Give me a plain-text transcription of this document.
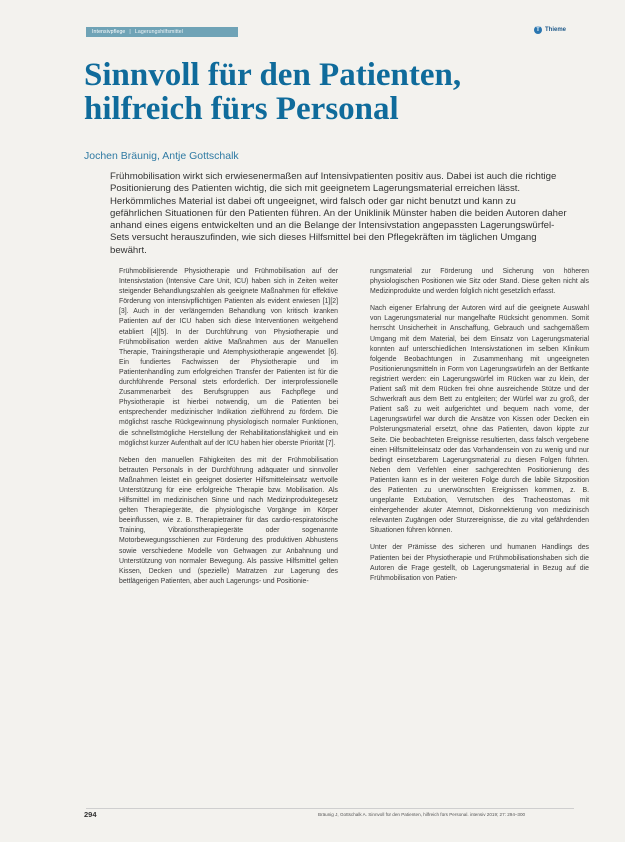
Intensivpflege | Lagerungshilfsmittel	T Thieme
Sinnvoll für den Patienten,
hilfreich fürs Personal
Jochen Bräunig, Antje Gottschalk
Frühmobilisation wirkt sich erwiesenermaßen auf Intensivpatienten positiv aus. Dabei ist auch die richtige Positionierung des Patienten wichtig, die sich mit geeignetem Lagerungsmaterial erreichen lässt. Herkömmliches Material ist dabei oft ungeeignet, wird falsch oder gar nicht benutzt und kann zu gefährlichen Situationen für den Patienten führen. An der Uniklinik Münster haben die beiden Autoren daher anhand eines eigens entwickelten und an die Belange der Intensivstation angepassten Lagerungswürfel-Sets versucht herauszufinden, wie sich dieses Hilfsmittel bei den Pflegekräften im täglichen Umgang bewährt.

Frühmobilisierende Physiotherapie und Frühmobilisation auf der Intensivstation (Intensive Care Unit, ICU) haben sich in Zeiten weiter steigender Behandlungszahlen als geeignete Maßnahmen für effektive Förderung von intensivpflichtigen Patienten als evident erwiesen [1][2][3]. Auch in der verlängernden Behandlung von kritisch kranken Patienten auf der ICU haben sich diese Interventionen weitgehend etabliert [4][5]. In der Durchführung von Physiotherapie und Frühmobilisation werden aktive Maßnahmen aus der Manuellen Therapie, Trainingstherapie und Atemphysiotherapie angewendet [6]. Ein fundiertes Fachwissen der Physiotherapie und im Patientenhandling zum erfolgreichen Transfer der Patienten ist für die durchführende Personal stets erforderlich. Der interprofessionelle Zusammenarbeit des Berufsgruppen aus Fachpflege und Physiotherapie ist hierbei notwendig, um die Patienten bei entsprechender medizinischer Indikation zielführend zu fördern. Die möglichst rasche Rückgewinnung physiologisch normaler Funktionen, die schnellstmögliche Herstellung der Rehabilitationsfähigkeit und ein möglichst kurzer Aufenthalt auf der ICU haben hier oberste Priorität [7].

Neben den manuellen Fähigkeiten des mit der Frühmobilisation betrauten Personals in der Durchführung adäquater und sinnvoller Maßnahmen leistet ein geeignet dosierter Hilfsmitteleinsatz wertvolle Unterstützung für eine erfolgreiche Therapie bzw. Mobilisation. Als Hilfsmittel im medizinischen Sinne und nach Medizinproduktegesetz gelten Therapiegeräte, die physiologische Vorgänge im Körper beeinflussen, wie z. B. Therapietrainer für das cardio-respiratorische Training, Vibrationstherapiegeräte oder sogenannte Motorbewegungsschienen zur Förderung des produktiven Abhustens sowie verschiedene Modelle von Gehwagen zur Anbahnung und Unterstützung von normaler Bewegung. Als passive Hilfsmittel gelten Kissen, Decken und (spezielle) Matratzen zur Lagerung des bettlägerigen Patienten, aber auch Lagerungs- und Positionie-

rungsmaterial zur Förderung und Sicherung von höheren physiologischen Positionen wie Sitz oder Stand. Diese gelten nicht als Medizinprodukte und werden folglich nicht gesetzlich erfasst.

Nach eigener Erfahrung der Autoren wird auf die geeignete Auswahl von Lagerungsmaterial nur mangelhafte Rücksicht genommen. Somit herrscht Unsicherheit in Anschaffung, Gebrauch und sachgemäßem Umgang mit dem Material, bei dem Einsatz von Lagerungsmaterial konnten auf unterschiedlichen Intensivstationen im selben Klinikum folgende Beobachtungen in Zusammenhang mit ungeeigneten Positionierungsmitteln in Form von Lagerungswürfeln an der Bettkante registriert werden: ein Lagerungswürfel im Rücken war zu klein, der Patient saß mit dem Rücken frei ohne ausreichende Stütze und der Schwerkraft aus dem Bett zu entgleiten; der Würfel war zu groß, der Patient saß zu weit aufgerichtet und bequem nach vorne, der Lagerungswürfel war durch die Ansätze von Kissen oder Decken ein Polsterungsmaterial ersetzt, ohne das Patienten, davon kippte zur Seite. Die beobachteten Ereignisse resultierten, dass falsch vergebene einen Hilfsmitteleinsatz oder das Vorhandensein von zu wenig und nur bedingt einsetzbarem Lagerungsmaterial zu diesen Folgen führten. Neben dem Verfehlen einer sachgerechten Positionierung des Patienten kann es in der weiteren Folge durch die labile Sitzposition des Patienten zu unerwünschten Ereignissen kommen, z. B. ungeplante Extubation, Verrutschen des Tracheostomas mit einhergehender akuter Atemnot, Diskonnektierung von medizinisch relevanten Zugängen oder Sturzereignisse, die zu vital gefährdenden Situationen führen können.

Unter der Prämisse des sicheren und humanen Handlings des Patienten bei der Physiotherapie und Frühmobilisationshaben sich die Autoren die Frage gestellt, ob Lagerungsmaterial in Bezug auf die Frühmobilisation von Patien-

294	Bräunig J, Gottschalk A. Sinnvoll für den Patienten, hilfreich fürs Personal. intensiv 2019; 27: 294–300
